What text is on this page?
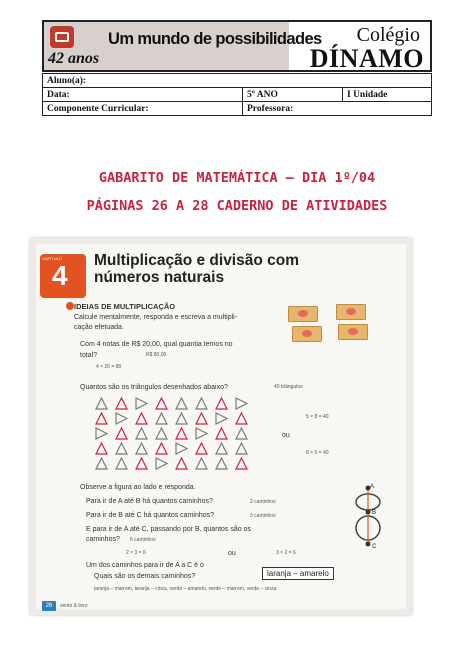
42 anos
Um mundo de possibilidades Colégio
DÍNAMO
Aluno(a):		
Data:	5º ANO	I Unidade
Componente Curricular:	Professora:	
GABARITO DE MATEMÁTICA – DIA 1º/04
PÁGINAS 26 A 28 CADERNO DE ATIVIDADES
CAPÍTULO
4 Multiplicação e divisão com
números naturais
IDEIAS DE MULTIPLICAÇÃO
Calcule mentalmente, responda e escreva a multipli-
cação efetuada.
Com 4 notas de R$ 20,00, qual quantia temos no
total?	R$ 80,00
4 × 20 = 80
Quantos são os triângulos desenhados abaixo?	40 triângulos
5 × 8 = 40
ou
8 × 5 = 40
Observe a figura ao lado e responda.
Para ir de A até B há quantos caminhos?	2 caminhos
Para ir de B até C há quantos caminhos?	3 caminhos
E para ir de A até C, passando por B, quantos são os
caminhos? 6 caminhos
2 × 3 = 6	ou	3 × 2 = 6
Um dos caminhos para ir de A a C é o
laranja – amarelo
Quais são os demais caminhos?
laranja – marrom, laranja – cinza, verde – amarelo, verde – marrom, verde – cinza
A
B
C
26	vento & livro
